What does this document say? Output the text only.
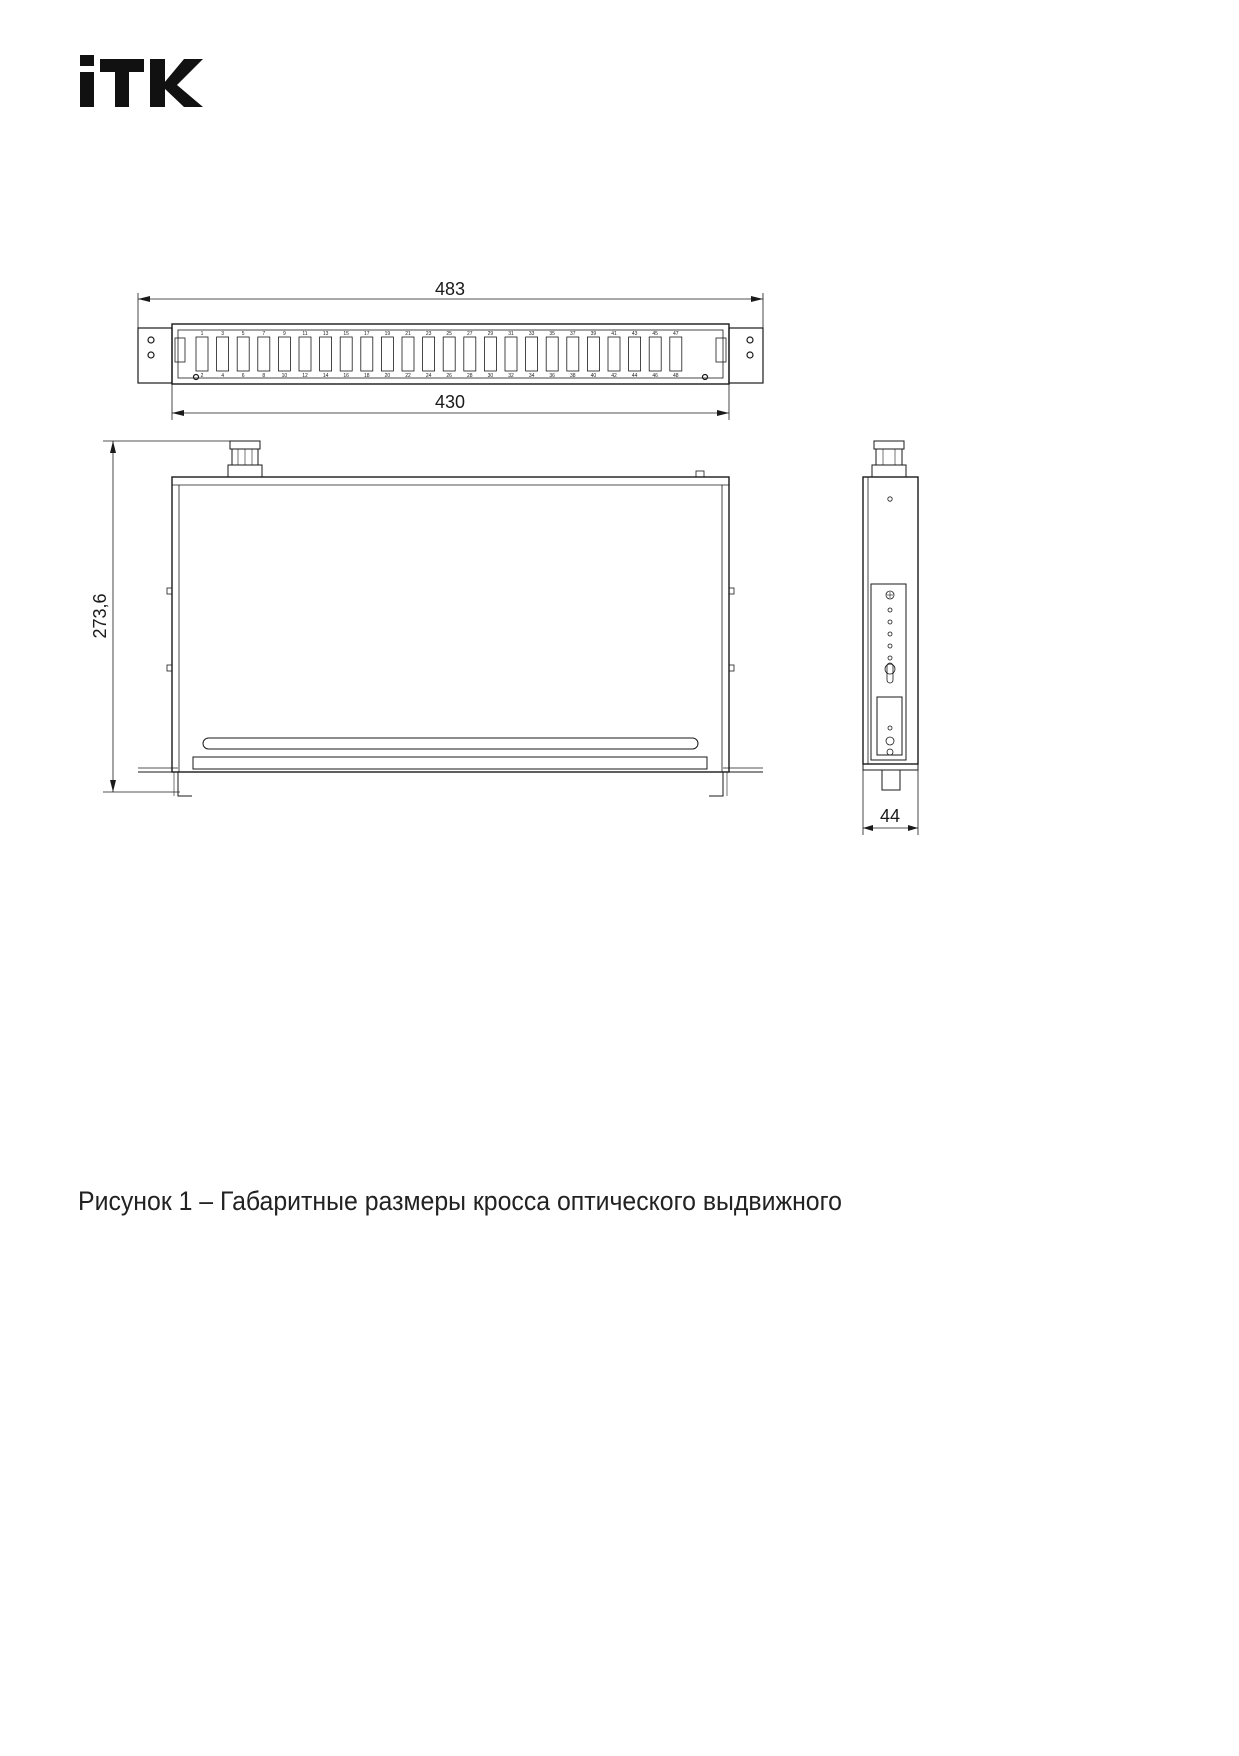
483
430
273,6
44
1
2
3
4
5
6
7
8
9
10
11
12
13
14
15
16
17
18
19
20
21
22
23
24
25
26
27
28
29
30
31
32
33
34
35
36
37
38
39
40
41
42
43
44
45
46
47
48

Рисунок 1 – Габаритные размеры кросса оптического выдвижного
